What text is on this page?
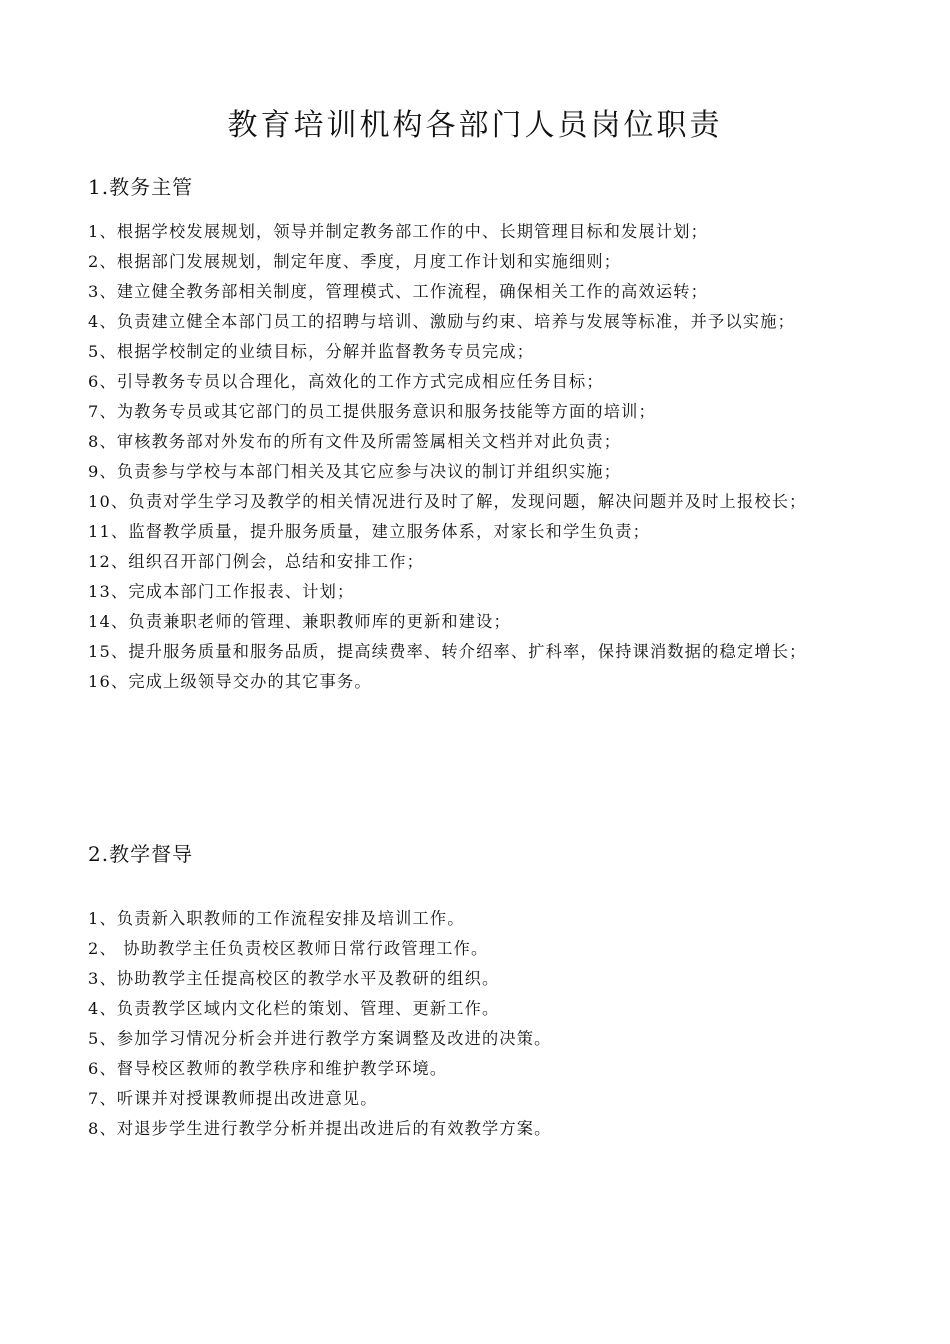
教育培训机构各部门人员岗位职责
1.教务主管
1、根据学校发展规划，领导并制定教务部工作的中、长期管理目标和发展计划；
2、根据部门发展规划，制定年度、季度，月度工作计划和实施细则；
3、建立健全教务部相关制度，管理模式、工作流程，确保相关工作的高效运转；
4、负责建立健全本部门员工的招聘与培训、激励与约束、培养与发展等标准，并予以实施；
5、根据学校制定的业绩目标，分解并监督教务专员完成；
6、引导教务专员以合理化，高效化的工作方式完成相应任务目标；
7、为教务专员或其它部门的员工提供服务意识和服务技能等方面的培训；
8、审核教务部对外发布的所有文件及所需签属相关文档并对此负责；
9、负责参与学校与本部门相关及其它应参与决议的制订并组织实施；
10、负责对学生学习及教学的相关情况进行及时了解，发现问题，解决问题并及时上报校长；
11、监督教学质量，提升服务质量，建立服务体系，对家长和学生负责；
12、组织召开部门例会，总结和安排工作；
13、完成本部门工作报表、计划；
14、负责兼职老师的管理、兼职教师库的更新和建设；
15、提升服务质量和服务品质，提高续费率、转介绍率、扩科率，保持课消数据的稳定增长；
16、完成上级领导交办的其它事务。
2.教学督导
1、负责新入职教师的工作流程安排及培训工作。
2、 协助教学主任负责校区教师日常行政管理工作。
3、协助教学主任提高校区的教学水平及教研的组织。
4、负责教学区域内文化栏的策划、管理、更新工作。
5、参加学习情况分析会并进行教学方案调整及改进的决策。
6、督导校区教师的教学秩序和维护教学环境。
7、听课并对授课教师提出改进意见。
8、对退步学生进行教学分析并提出改进后的有效教学方案。
